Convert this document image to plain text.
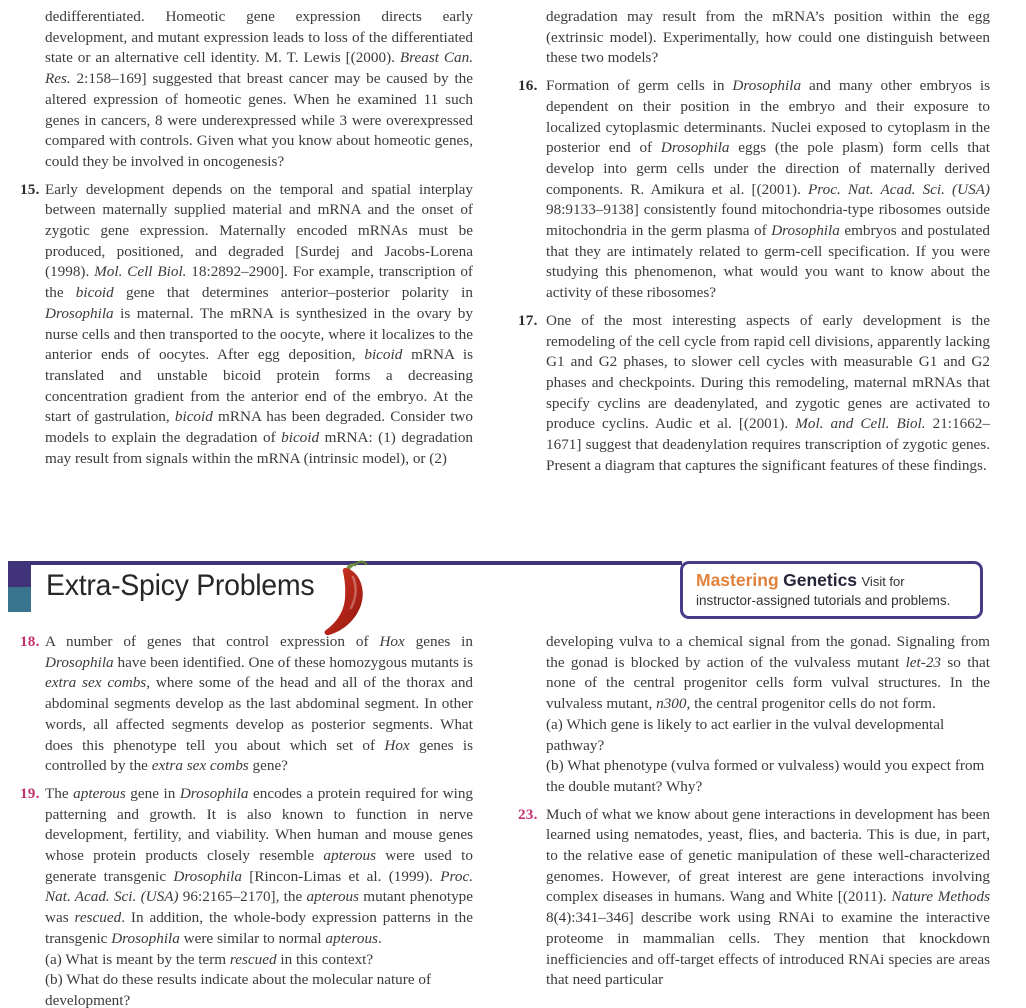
dedifferentiated. Homeotic gene expression directs early development, and mutant expression leads to loss of the differentiated state or an alternative cell identity. M. T. Lewis [(2000). Breast Can. Res. 2:158–169] suggested that breast cancer may be caused by the altered expression of homeotic genes. When he examined 11 such genes in cancers, 8 were underexpressed while 3 were overexpressed compared with controls. Given what you know about homeotic genes, could they be involved in oncogenesis?
15. Early development depends on the temporal and spatial interplay between maternally supplied material and mRNA and the onset of zygotic gene expression. Maternally encoded mRNAs must be produced, positioned, and degraded [Surdej and Jacobs-Lorena (1998). Mol. Cell Biol. 18:2892–2900]. For example, transcription of the bicoid gene that determines anterior–posterior polarity in Drosophila is maternal. The mRNA is synthesized in the ovary by nurse cells and then transported to the oocyte, where it localizes to the anterior ends of oocytes. After egg deposition, bicoid mRNA is translated and unstable bicoid protein forms a decreasing concentration gradient from the anterior end of the embryo. At the start of gastrulation, bicoid mRNA has been degraded. Consider two models to explain the degradation of bicoid mRNA: (1) degradation may result from signals within the mRNA (intrinsic model), or (2)
degradation may result from the mRNA’s position within the egg (extrinsic model). Experimentally, how could one distinguish between these two models?
16. Formation of germ cells in Drosophila and many other embryos is dependent on their position in the embryo and their exposure to localized cytoplasmic determinants. Nuclei exposed to cytoplasm in the posterior end of Drosophila eggs (the pole plasm) form cells that develop into germ cells under the direction of maternally derived components. R. Amikura et al. [(2001). Proc. Nat. Acad. Sci. (USA) 98:9133–9138] consistently found mitochondria-type ribosomes outside mitochondria in the germ plasma of Drosophila embryos and postulated that they are intimately related to germ-cell specification. If you were studying this phenomenon, what would you want to know about the activity of these ribosomes?
17. One of the most interesting aspects of early development is the remodeling of the cell cycle from rapid cell divisions, apparently lacking G1 and G2 phases, to slower cell cycles with measurable G1 and G2 phases and checkpoints. During this remodeling, maternal mRNAs that specify cyclins are deadenylated, and zygotic genes are activated to produce cyclins. Audic et al. [(2001). Mol. and Cell. Biol. 21:1662–1671] suggest that deadenylation requires transcription of zygotic genes. Present a diagram that captures the significant features of these findings.
Extra-Spicy Problems	Mastering Genetics Visit for
instructor-assigned tutorials and problems.
18. A number of genes that control expression of Hox genes in Drosophila have been identified. One of these homozygous mutants is extra sex combs, where some of the head and all of the thorax and abdominal segments develop as the last abdominal segment. In other words, all affected segments develop as posterior segments. What does this phenotype tell you about which set of Hox genes is controlled by the extra sex combs gene?
19. The apterous gene in Drosophila encodes a protein required for wing patterning and growth. It is also known to function in nerve development, fertility, and viability. When human and mouse genes whose protein products closely resemble apterous were used to generate transgenic Drosophila [Rincon-Limas et al. (1999). Proc. Nat. Acad. Sci. (USA) 96:2165–2170], the apterous mutant phenotype was rescued. In addition, the whole-body expression patterns in the transgenic Drosophila were similar to normal apterous.
(a) What is meant by the term rescued in this context?
(b) What do these results indicate about the molecular nature of development?
developing vulva to a chemical signal from the gonad. Signaling from the gonad is blocked by action of the vulvaless mutant let-23 so that none of the central progenitor cells form vulval structures. In the vulvaless mutant, n300, the central progenitor cells do not form.
(a) Which gene is likely to act earlier in the vulval developmental pathway?
(b) What phenotype (vulva formed or vulvaless) would you expect from the double mutant? Why?
23. Much of what we know about gene interactions in development has been learned using nematodes, yeast, flies, and bacteria. This is due, in part, to the relative ease of genetic manipulation of these well-characterized genomes. However, of great interest are gene interactions involving complex diseases in humans. Wang and White [(2011). Nature Methods 8(4):341–346] describe work using RNAi to examine the interactive proteome in mammalian cells. They mention that knockdown inefficiencies and off-target effects of introduced RNAi species are areas that need particular
